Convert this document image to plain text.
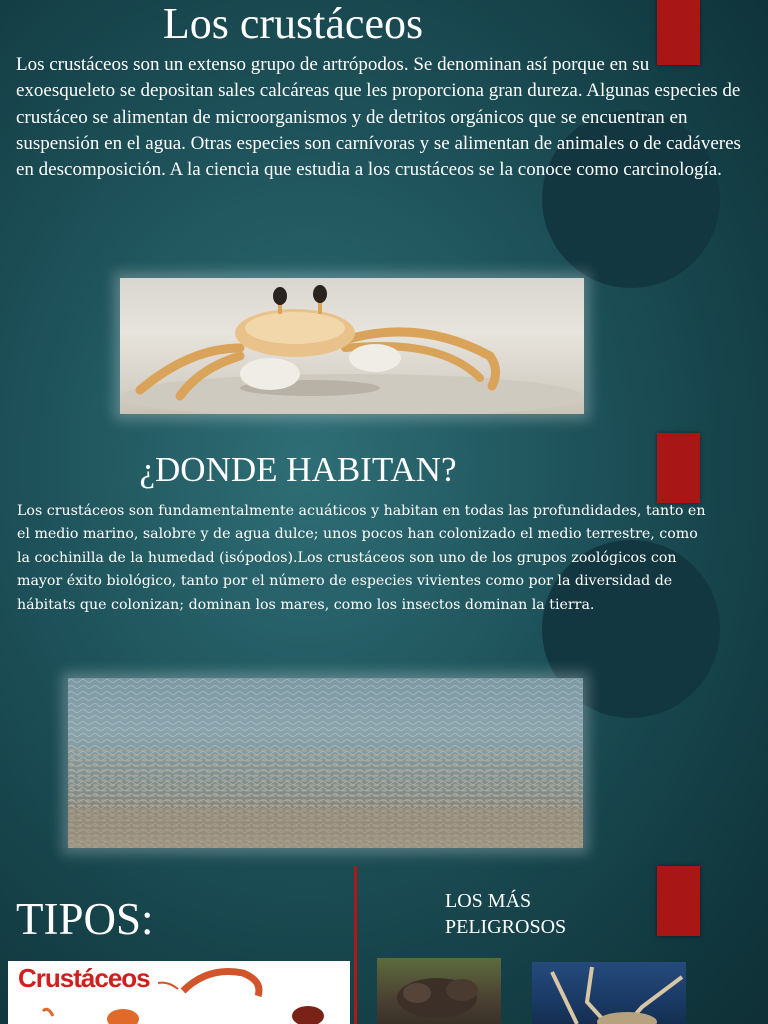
Los crustáceos
Los crustáceos son un extenso grupo de artrópodos. Se denominan así porque en su exoesqueleto se depositan sales calcáreas que les proporciona gran dureza. Algunas especies de crustáceo se alimentan de microorganismos y de detritos orgánicos que se encuentran en suspensión en el agua. Otras especies son carnívoras y se alimentan de animales o de cadáveres en descomposición. A la ciencia que estudia a los crustáceos se la conoce como carcinología.
¿DONDE HABITAN?
Los crustáceos son fundamentalmente acuáticos y habitan en todas las profundidades, tanto en el medio marino, salobre y de agua dulce; unos pocos han colonizado el medio terrestre, como la cochinilla de la humedad (isópodos).Los crustáceos son uno de los grupos zoológicos con mayor éxito biológico, tanto por el número de especies vivientes como por la diversidad de hábitats que colonizan; dominan los mares, como los insectos dominan la tierra.
TIPOS:	LOS MÁS PELIGROSOS
Crustáceos
